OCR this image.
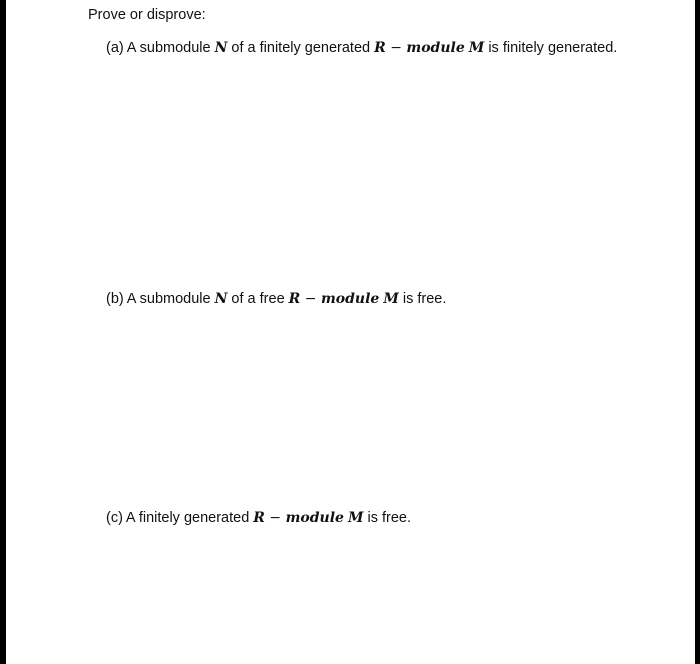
Prove or disprove:
(a) A submodule N of a finitely generated R − module M is finitely generated.
(b) A submodule N of a free R − module M is free.
(c) A finitely generated R − module M is free.
